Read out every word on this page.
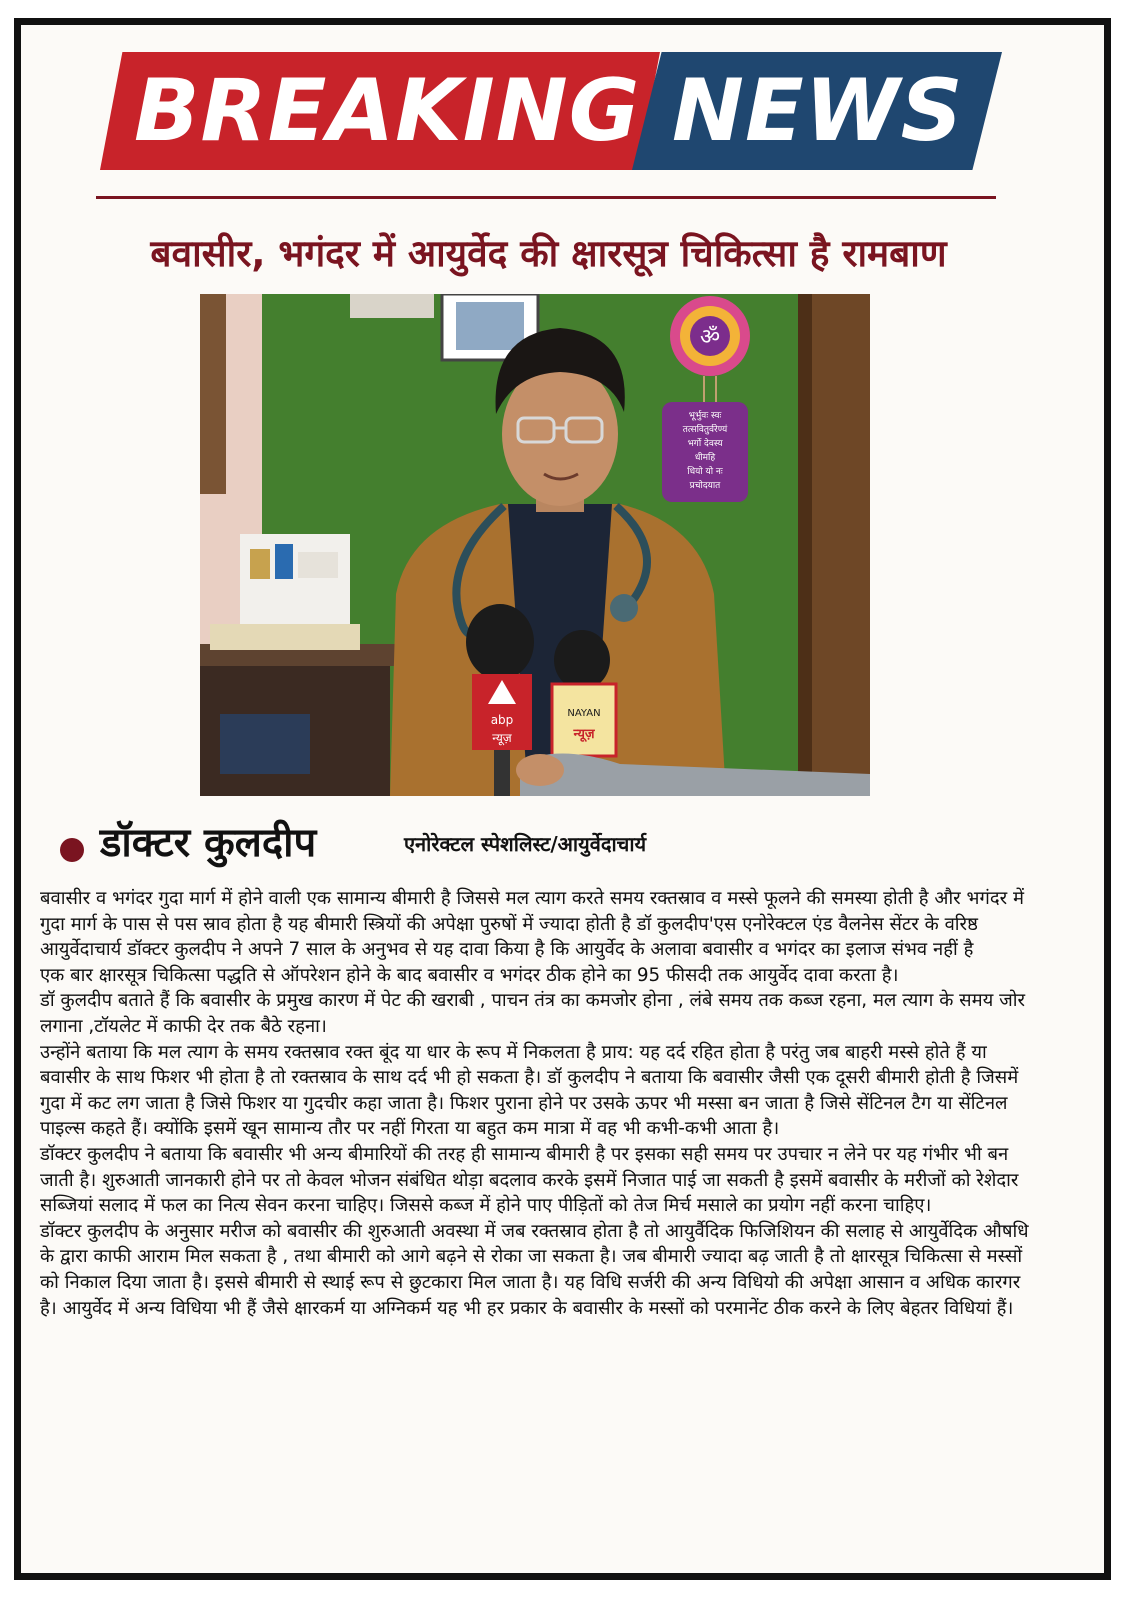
BREAKING NEWS
बवासीर, भगंदर में आयुर्वेद की क्षारसूत्र चिकित्सा है रामबाण
ॐ
भूर्भुवः स्वः
तत्सवितुर्वरेण्यं
भर्गो देवस्य
धीमहि
धियो यो नः
प्रचोदयात
abp
न्यूज़
NAYAN
न्यूज़
डॉक्टर कुलदीप	एनोरेक्टल स्पेशलिस्ट/आयुर्वेदाचार्य

बवासीर व भगंदर गुदा मार्ग में होने वाली एक सामान्य बीमारी है जिससे मल त्याग करते समय रक्तस्राव व मस्से फूलने की समस्या होती है और भगंदर में गुदा मार्ग के पास से पस स्राव होता है यह बीमारी स्त्रियों की अपेक्षा पुरुषों में ज्यादा होती है डॉ कुलदीप'एस एनोरेक्टल एंड वैलनेस सेंटर के वरिष्ठ आयुर्वेदाचार्य डॉक्टर कुलदीप ने अपने 7 साल के अनुभव से यह दावा किया है कि आयुर्वेद के अलावा बवासीर व भगंदर का इलाज संभव नहीं है

एक बार क्षारसूत्र चिकित्सा पद्धति से ऑपरेशन होने के बाद बवासीर व भगंदर ठीक होने का 95 फीसदी तक आयुर्वेद दावा करता है।

डॉ कुलदीप बताते हैं कि बवासीर के प्रमुख कारण में पेट की खराबी , पाचन तंत्र का कमजोर होना , लंबे समय तक कब्ज रहना, मल त्याग के समय जोर लगाना ,टॉयलेट में काफी देर तक बैठे रहना।

उन्होंने बताया कि मल त्याग के समय रक्तस्राव रक्त बूंद या धार के रूप में निकलता है प्राय: यह दर्द रहित होता है परंतु जब बाहरी मस्से होते हैं या बवासीर के साथ फिशर भी होता है तो रक्तस्राव के साथ दर्द भी हो सकता है। डॉ कुलदीप ने बताया कि बवासीर जैसी एक दूसरी बीमारी होती है जिसमें गुदा में कट लग जाता है जिसे फिशर या गुदचीर कहा जाता है। फिशर पुराना होने पर उसके ऊपर भी मस्सा बन जाता है जिसे सेंटिनल टैग या सेंटिनल पाइल्स कहते हैं। क्योंकि इसमें खून सामान्य तौर पर नहीं गिरता या बहुत कम मात्रा में वह भी कभी-कभी आता है।

डॉक्टर कुलदीप ने बताया कि बवासीर भी अन्य बीमारियों की तरह ही सामान्य बीमारी है पर इसका सही समय पर उपचार न लेने पर यह गंभीर भी बन जाती है। शुरुआती जानकारी होने पर तो केवल भोजन संबंधित थोड़ा बदलाव करके इसमें निजात पाई जा सकती है इसमें बवासीर के मरीजों को रेशेदार सब्जियां सलाद में फल का नित्य सेवन करना चाहिए। जिससे कब्ज में होने पाए पीड़ितों को तेज मिर्च मसाले का प्रयोग नहीं करना चाहिए।

डॉक्टर कुलदीप के अनुसार मरीज को बवासीर की शुरुआती अवस्था में जब रक्तस्राव होता है तो आयुर्वैदिक फिजिशियन की सलाह से आयुर्वेदिक औषधि के द्वारा काफी आराम मिल सकता है , तथा बीमारी को आगे बढ़ने से रोका जा सकता है। जब बीमारी ज्यादा बढ़ जाती है तो क्षारसूत्र चिकित्सा से मस्सों को निकाल दिया जाता है। इससे बीमारी से स्थाई रूप से छुटकारा मिल जाता है। यह विधि सर्जरी की अन्य विधियो की अपेक्षा आसान व अधिक कारगर है। आयुर्वेद में अन्य विधिया भी हैं जैसे क्षारकर्म या अग्निकर्म यह भी हर प्रकार के बवासीर के मस्सों को परमानेंट ठीक करने के लिए बेहतर विधियां हैं।
